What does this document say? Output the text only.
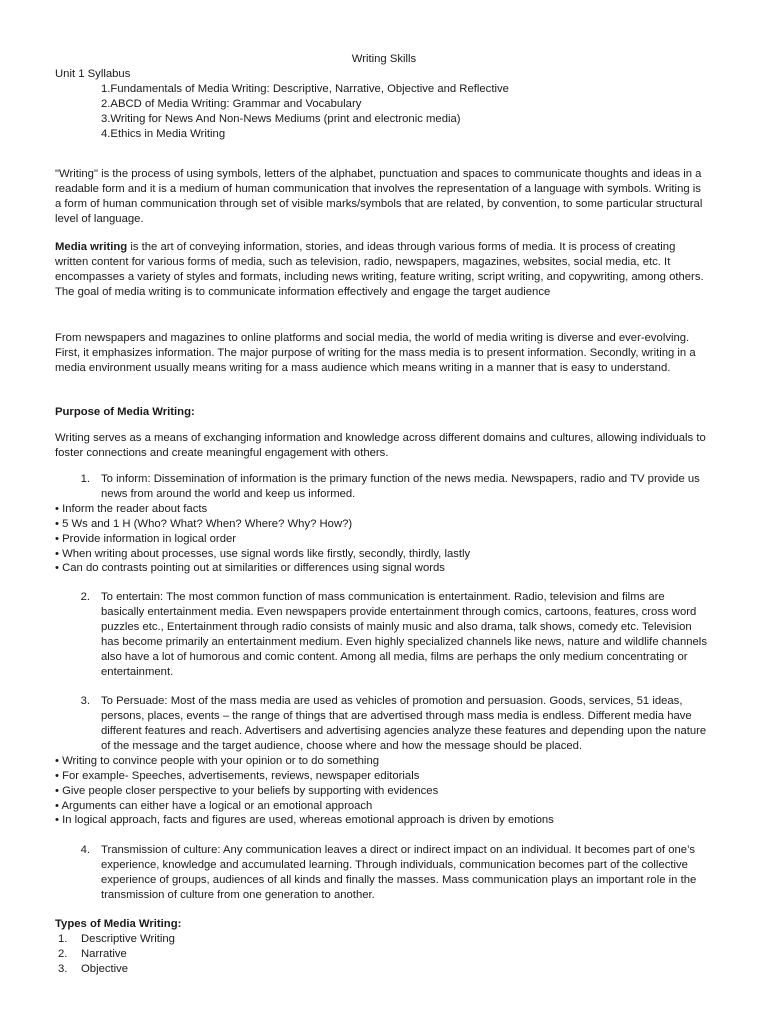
Writing Skills
Unit 1 Syllabus
1.Fundamentals of Media Writing: Descriptive, Narrative, Objective and Reflective
2.ABCD of Media Writing: Grammar and Vocabulary
3.Writing for News And Non-News Mediums (print and electronic media)
4.Ethics in Media Writing

"Writing" is the process of using symbols, letters of the alphabet, punctuation and spaces to communicate thoughts and ideas in a readable form and it is a medium of human communication that involves the representation of a language with symbols. Writing is a form of human communication through set of visible marks/symbols that are related, by convention, to some particular structural level of language.

Media writing is the art of conveying information, stories, and ideas through various forms of media. It is process of creating written content for various forms of media, such as television, radio, newspapers, magazines, websites, social media, etc. It encompasses a variety of styles and formats, including news writing, feature writing, script writing, and copywriting, among others. The goal of media writing is to communicate information effectively and engage the target audience

From newspapers and magazines to online platforms and social media, the world of media writing is diverse and ever-evolving. First, it emphasizes information. The major purpose of writing for the mass media is to present information. Secondly, writing in a media environment usually means writing for a mass audience which means writing in a manner that is easy to understand.

Purpose of Media Writing:

Writing serves as a means of exchanging information and knowledge across different domains and cultures, allowing individuals to foster connections and create meaningful engagement with others.

1. To inform: Dissemination of information is the primary function of the news media. Newspapers, radio and TV provide us news from around the world and keep us informed.

• Inform the reader about facts
• 5 Ws and 1 H (Who? What? When? Where? Why? How?)
• Provide information in logical order
• When writing about processes, use signal words like firstly, secondly, thirdly, lastly
• Can do contrasts pointing out at similarities or differences using signal words
2. To entertain: The most common function of mass communication is entertainment. Radio, television and films are basically entertainment media. Even newspapers provide entertainment through comics, cartoons, features, cross word puzzles etc., Entertainment through radio consists of mainly music and also drama, talk shows, comedy etc. Television has become primarily an entertainment medium. Even highly specialized channels like news, nature and wildlife channels also have a lot of humorous and comic content. Among all media, films are perhaps the only medium concentrating or entertainment.

3. To Persuade: Most of the mass media are used as vehicles of promotion and persuasion. Goods, services, 51 ideas, persons, places, events – the range of things that are advertised through mass media is endless. Different media have different features and reach. Advertisers and advertising agencies analyze these features and depending upon the nature of the message and the target audience, choose where and how the message should be placed.

• Writing to convince people with your opinion or to do something
• For example- Speeches, advertisements, reviews, newspaper editorials
• Give people closer perspective to your beliefs by supporting with evidences
• Arguments can either have a logical or an emotional approach
• In logical approach, facts and figures are used, whereas emotional approach is driven by emotions
4. Transmission of culture: Any communication leaves a direct or indirect impact on an individual. It becomes part of one’s experience, knowledge and accumulated learning. Through individuals, communication becomes part of the collective experience of groups, audiences of all kinds and finally the masses. Mass communication plays an important role in the transmission of culture from one generation to another.

Types of Media Writing:
1. Descriptive Writing
2. Narrative
3. Objective
